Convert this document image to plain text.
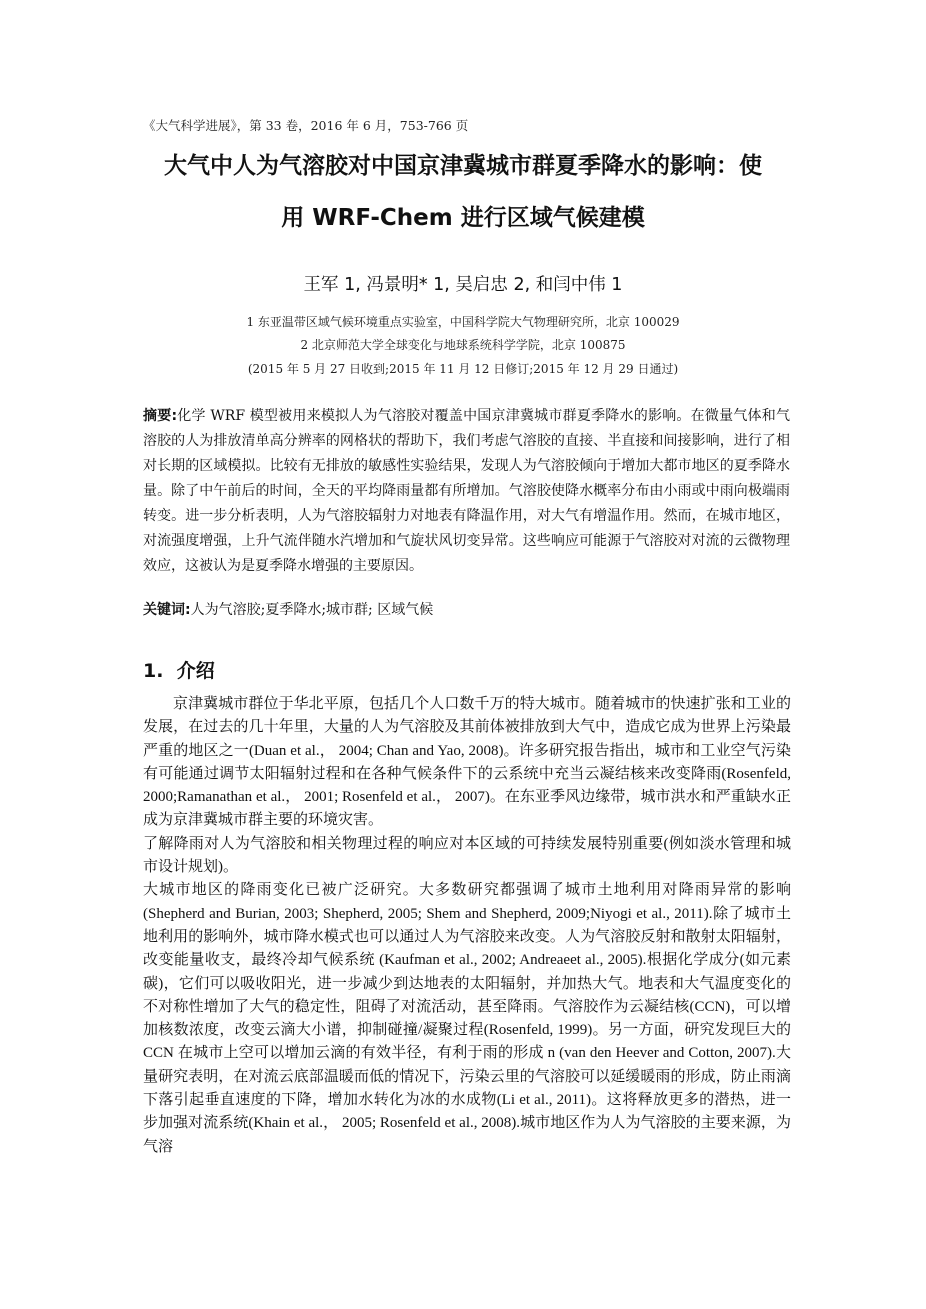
《大气科学进展》，第 33 卷，2016 年 6 月，753-766 页
大气中人为气溶胶对中国京津冀城市群夏季降水的影响：使
用 WRF-Chem 进行区域气候建模
王军 1, 冯景明* 1, 吴启忠 2, 和闫中伟 1
1 东亚温带区域气候环境重点实验室，中国科学院大气物理研究所，北京 100029
2 北京师范大学全球变化与地球系统科学学院，北京 100875
(2015 年 5 月 27 日收到;2015 年 11 月 12 日修订;2015 年 12 月 29 日通过)
摘要:化学 WRF 模型被用来模拟人为气溶胶对覆盖中国京津冀城市群夏季降水的影响。在微量气体和气溶胶的人为排放清单高分辨率的网格状的帮助下，我们考虑气溶胶的直接、半直接和间接影响，进行了相对长期的区域模拟。比较有无排放的敏感性实验结果，发现人为气溶胶倾向于增加大都市地区的夏季降水量。除了中午前后的时间，全天的平均降雨量都有所增加。气溶胶使降水概率分布由小雨或中雨向极端雨转变。进一步分析表明，人为气溶胶辐射力对地表有降温作用，对大气有增温作用。然而，在城市地区，对流强度增强，上升气流伴随水汽增加和气旋状风切变异常。这些响应可能源于气溶胶对对流的云微物理效应，这被认为是夏季降水增强的主要原因。
关键词:人为气溶胶;夏季降水;城市群; 区域气候
1. 介绍

京津冀城市群位于华北平原，包括几个人口数千万的特大城市。随着城市的快速扩张和工业的发展，在过去的几十年里，大量的人为气溶胶及其前体被排放到大气中，造成它成为世界上污染最严重的地区之一(Duan et al.， 2004; Chan and Yao, 2008)。许多研究报告指出，城市和工业空气污染有可能通过调节太阳辐射过程和在各种气候条件下的云系统中充当云凝结核来改变降雨(Rosenfeld, 2000;Ramanathan et al.， 2001; Rosenfeld et al.， 2007)。在东亚季风边缘带，城市洪水和严重缺水正成为京津冀城市群主要的环境灾害。

了解降雨对人为气溶胶和相关物理过程的响应对本区域的可持续发展特别重要(例如淡水管理和城市设计规划)。

大城市地区的降雨变化已被广泛研究。大多数研究都强调了城市土地利用对降雨异常的影响(Shepherd and Burian, 2003; Shepherd, 2005; Shem and Shepherd, 2009;Niyogi et al., 2011).除了城市土地利用的影响外，城市降水模式也可以通过人为气溶胶来改变。人为气溶胶反射和散射太阳辐射，改变能量收支，最终冷却气候系统 (Kaufman et al., 2002; Andreaeet al., 2005).根据化学成分(如元素碳)，它们可以吸收阳光，进一步减少到达地表的太阳辐射，并加热大气。地表和大气温度变化的不对称性增加了大气的稳定性，阻碍了对流活动，甚至降雨。气溶胶作为云凝结核(CCN)，可以增加核数浓度，改变云滴大小谱，抑制碰撞/凝聚过程(Rosenfeld, 1999)。另一方面，研究发现巨大的 CCN 在城市上空可以增加云滴的有效半径，有利于雨的形成 n (van den Heever and Cotton, 2007).大量研究表明，在对流云底部温暖而低的情况下，污染云里的气溶胶可以延缓暖雨的形成，防止雨滴下落引起垂直速度的下降，增加水转化为冰的水成物(Li et al., 2011)。这将释放更多的潜热，进一步加强对流系统(Khain et al.， 2005; Rosenfeld et al., 2008).城市地区作为人为气溶胶的主要来源，为气溶
